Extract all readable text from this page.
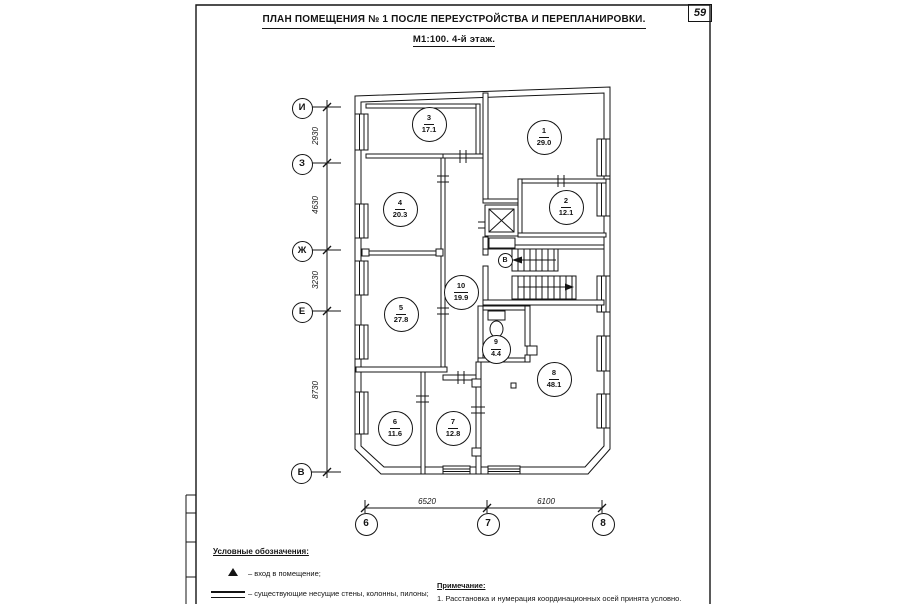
ПЛАН ПОМЕЩЕНИЯ № 1 ПОСЛЕ ПЕРЕУСТРОЙСТВА И ПЕРЕПЛАНИРОВКИ.
М1:100. 4-й этаж.
59
И
З
Ж
Е
В
2930
4630
3230
8730
6	7	8
6520	6100
3
17.1	1
29.0
4
20.3
2
12.1
5
27.8
10
19.9
9
4.4
8
48.1
6
11.6
7
12.8
В
Условные обозначения:
– вход в помещение;
– существующие несущие стены, колонны, пилоны;
Примечание:
1. Расстановка и нумерация координационных осей принята условно.
